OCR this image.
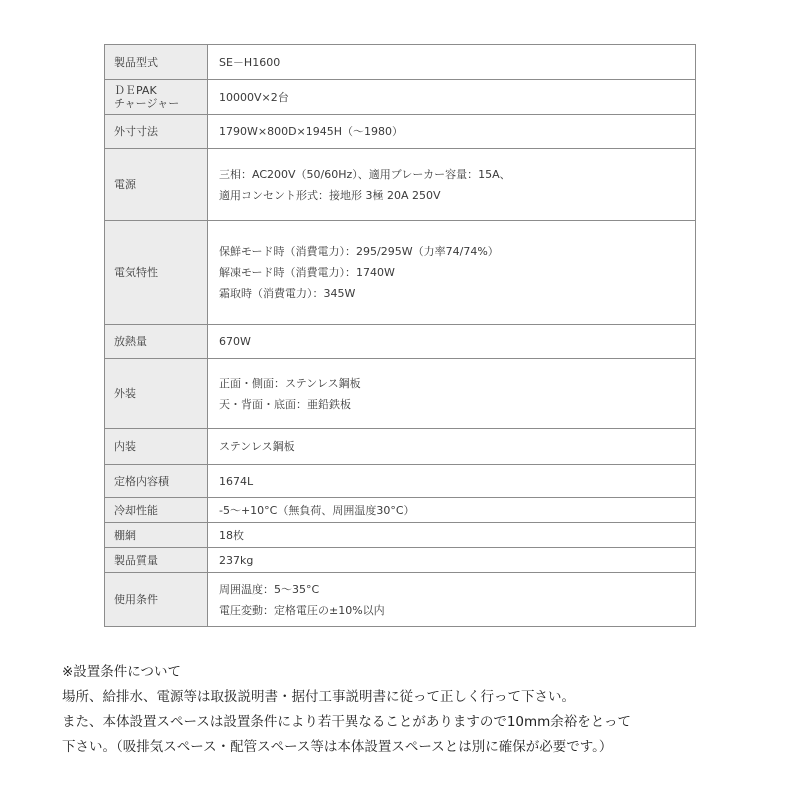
製品型式	SE－H1600

ＤＥPAK
チャージャー	10000V×2台

外寸寸法	1790W×800D×1945H（〜1980）

電源	三相：AC200V（50/60Hz）、適用ブレーカー容量：15A、
適用コンセント形式：接地形 3極 20A 250V

電気特性	保鮮モード時（消費電力）：295/295W（力率74/74%）
解凍モード時（消費電力）：1740W
霜取時（消費電力）：345W

放熱量	670W

外装	正面・側面：ステンレス鋼板
天・背面・底面：亜鉛鉄板

内装	ステンレス鋼板

定格内容積	1674L

冷却性能	-5〜+10°C（無負荷、周囲温度30°C）

棚網	18枚

製品質量	237kg

使用条件	周囲温度：5〜35°C
電圧変動：定格電圧の±10%以内
※設置条件について
場所、給排水、電源等は取扱説明書・据付工事説明書に従って正しく行って下さい。
また、本体設置スペースは設置条件により若干異なることがありますので10mm余裕をとって
下さい。（吸排気スペース・配管スペース等は本体設置スペースとは別に確保が必要です。）
